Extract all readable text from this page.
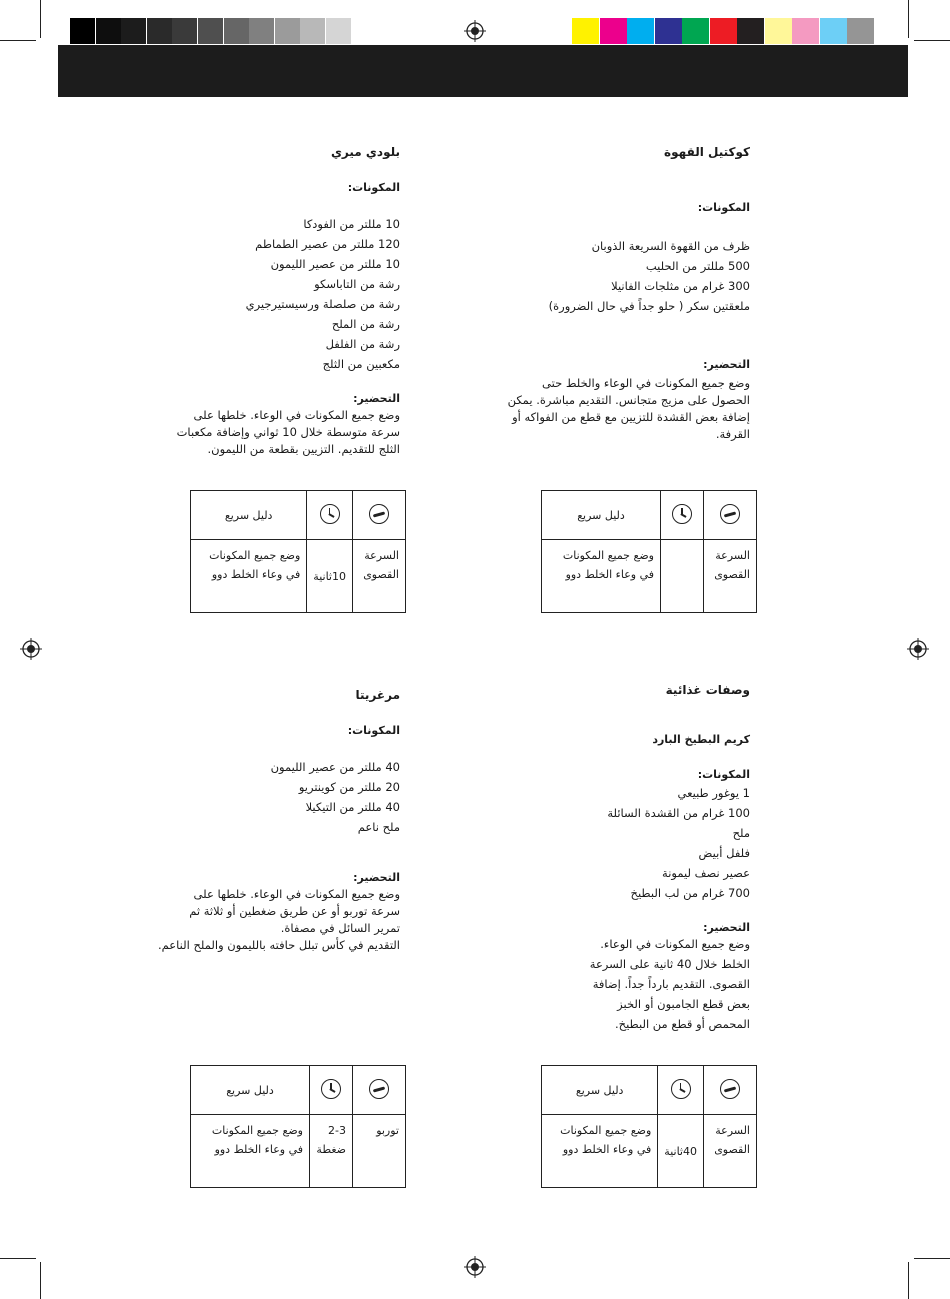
كوكتيل القهوة
المكونات:
ظرف من القهوة السريعة الذوبان
500 مللتر من الحليب
300 غرام من مثلجات الفانيلا
ملعقتين سكر ( حلو جداً في حال الضرورة)
التحضير:
وضع جميع المكونات في الوعاء والخلط حتى
الحصول على مزيج متجانس. التقديم مباشرة. يمكن
إضافة بعض القشدة للتزيين مع قطع من الفواكه أو
القرفة.
		دليل سريع
السرعة القصوى		وضع جميع المكونات في وعاء الخلط دوو
بلودي ميري
المكونات:
10 مللتر من الفودكا
120 مللتر من عصير الطماطم
10 مللتر من عصير الليمون
رشة من التاباسكو
رشة من صلصلة ورسيستيرجيري
رشة من الملح
رشة من الفلفل
مكعبين من الثلج
التحضير:
وضع جميع المكونات في الوعاء. خلطها على
سرعة متوسطة خلال 10 ثواني وإضافة مكعبات
الثلج للتقديم. التزيين بقطعة من الليمون.
		دليل سريع
السرعة القصوى	10ثانية	وضع جميع المكونات في وعاء الخلط دوو
وصفات غذائية
كريم البطيخ البارد
المكونات:
1 يوغور طبيعي
100 غرام من القشدة السائلة
ملح
فلفل أبيض
عصير نصف ليمونة
700 غرام من لب البطيخ
التحضير:
وضع جميع المكونات في الوعاء.
الخلط خلال 40 ثانية على السرعة
القصوى. التقديم بارداً جداً. إضافة
بعض قطع الجامبون أو الخبز
المحمص أو قطع من البطيخ.
		دليل سريع
السرعة القصوى	40ثانية	وضع جميع المكونات في وعاء الخلط دوو
مرغريتا
المكونات:
40 مللتر من عصير الليمون
20 مللتر من كوينتريو
40 مللتر من التيكيلا
ملح ناعم
التحضير:
وضع جميع المكونات في الوعاء. خلطها على
سرعة توربو أو عن طريق ضغطين أو ثلاثة ثم
تمرير السائل في مصفاة.
التقديم في كأس تبلل حافته بالليمون والملح الناعم.
		دليل سريع
توربو	2-3 ضغطة	وضع جميع المكونات في وعاء الخلط دوو
